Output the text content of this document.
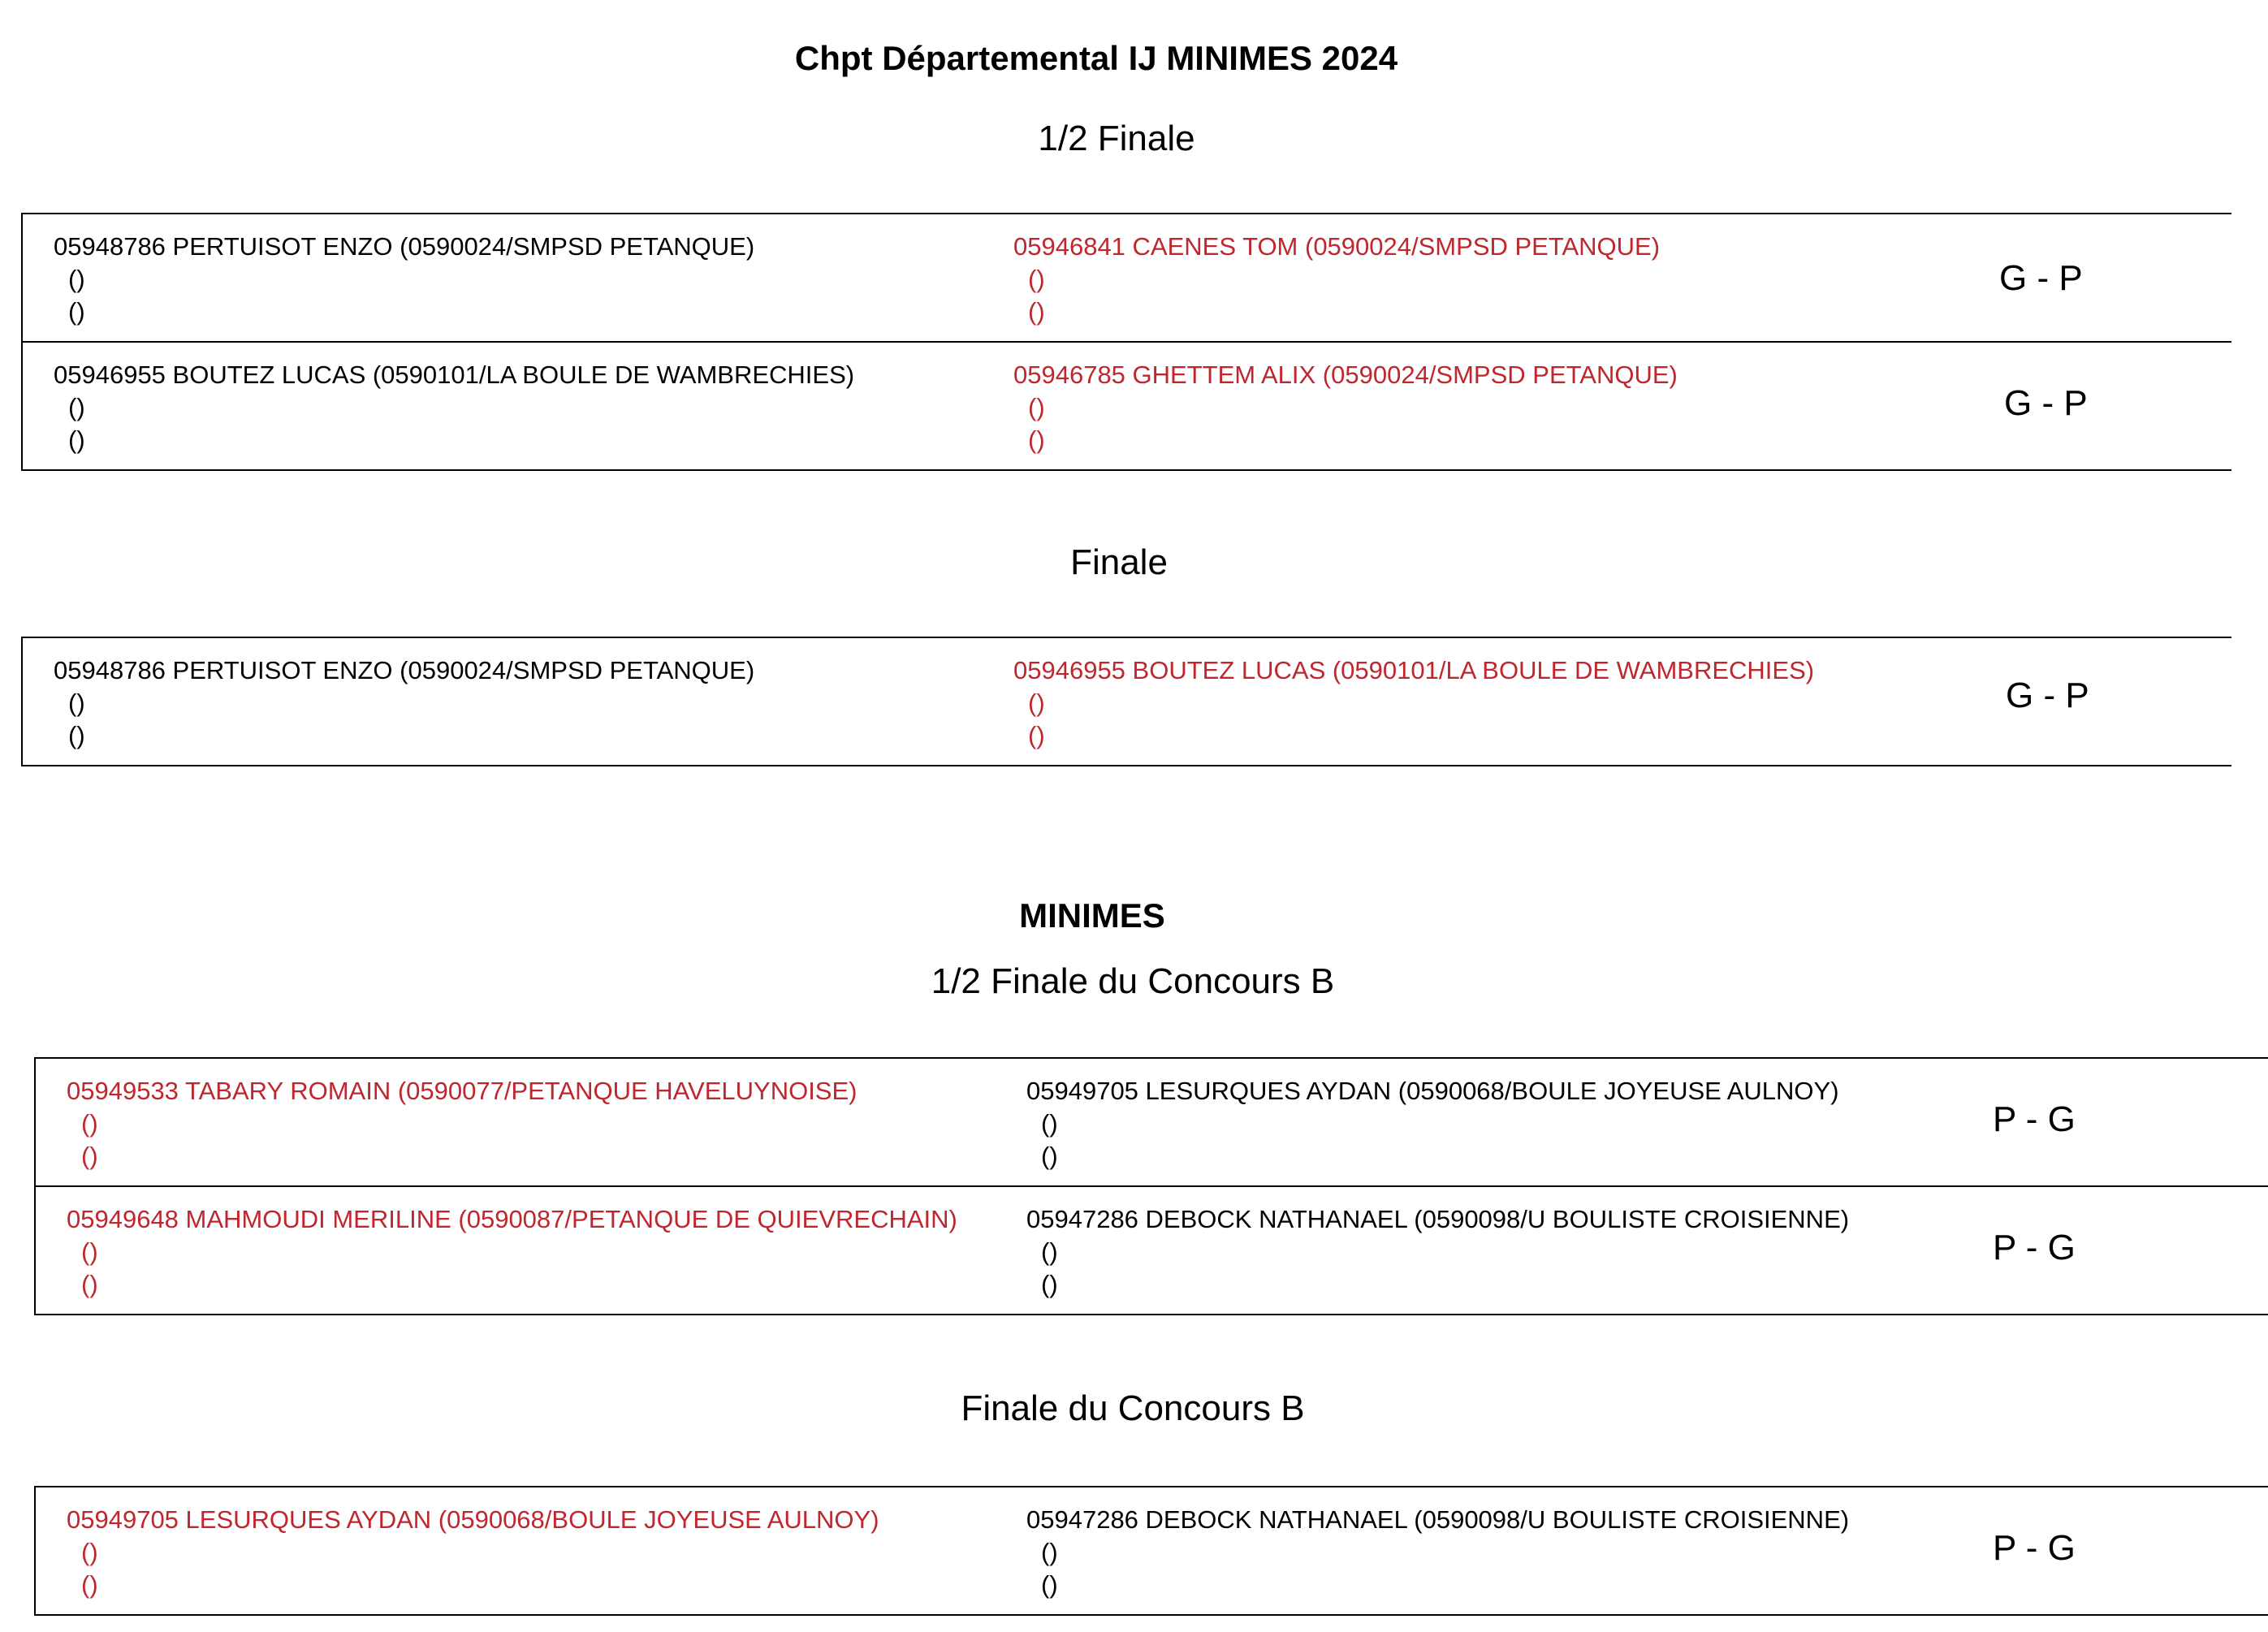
Chpt Départemental IJ MINIMES 2024
1/2 Finale
05948786 PERTUISOT ENZO (0590024/SMPSD PETANQUE)
()
()
05946841 CAENES TOM (0590024/SMPSD PETANQUE)
()
()
G - P
05946955 BOUTEZ LUCAS (0590101/LA BOULE DE WAMBRECHIES)
()
()
05946785 GHETTEM ALIX (0590024/SMPSD PETANQUE)
()
()
G - P
Finale
05948786 PERTUISOT ENZO (0590024/SMPSD PETANQUE)
()
()
05946955 BOUTEZ LUCAS (0590101/LA BOULE DE WAMBRECHIES)
()
()
G - P
MINIMES
1/2 Finale du Concours B
05949533 TABARY ROMAIN (0590077/PETANQUE HAVELUYNOISE)
()
()
05949705 LESURQUES AYDAN (0590068/BOULE JOYEUSE AULNOY)
()
()
P - G
05949648 MAHMOUDI MERILINE (0590087/PETANQUE DE QUIEVRECHAIN)
()
()
05947286 DEBOCK NATHANAEL (0590098/U BOULISTE CROISIENNE)
()
()
P - G
Finale du Concours B
05949705 LESURQUES AYDAN (0590068/BOULE JOYEUSE AULNOY)
()
()
05947286 DEBOCK NATHANAEL (0590098/U BOULISTE CROISIENNE)
()
()
P - G
